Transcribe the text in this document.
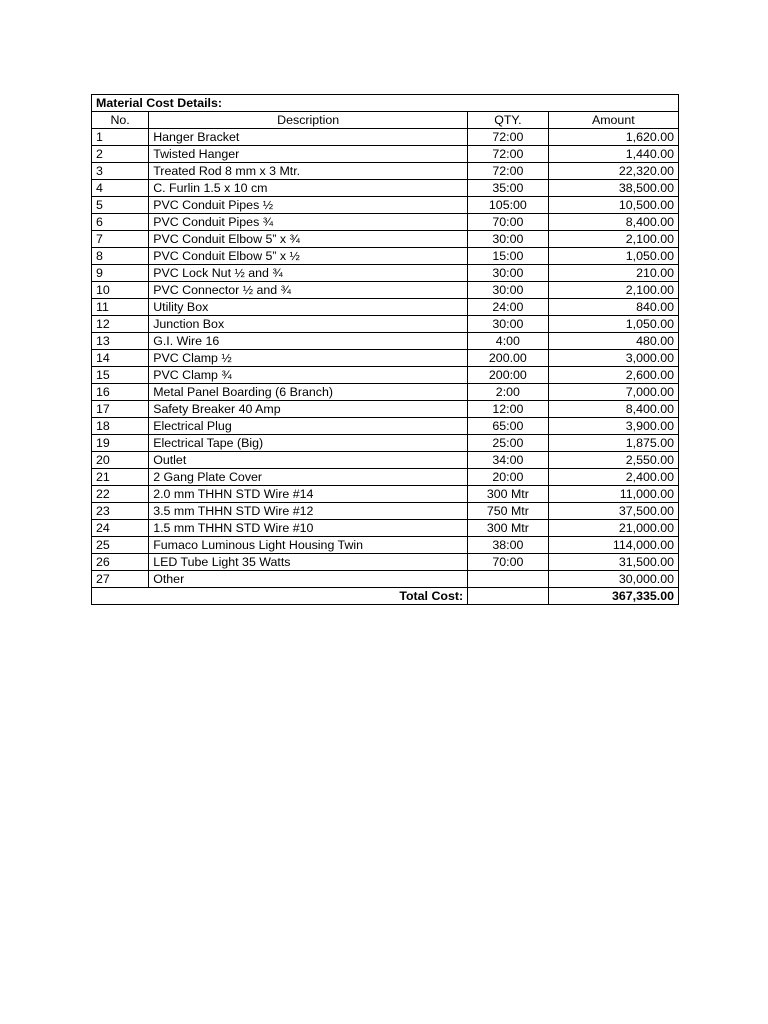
Material Cost Details:			
No.	Description	QTY.	Amount
1	Hanger Bracket	72:00	1,620.00
2	Twisted Hanger	72:00	1,440.00
3	Treated Rod 8 mm x 3 Mtr.	72:00	22,320.00
4	C. Furlin 1.5 x 10 cm	35:00	38,500.00
5	PVC Conduit Pipes ½	105:00	10,500.00
6	PVC Conduit Pipes ¾	70:00	8,400.00
7	PVC Conduit Elbow 5” x ¾	30:00	2,100.00
8	PVC Conduit Elbow 5” x ½	15:00	1,050.00
9	PVC Lock Nut ½ and ¾	30:00	210.00
10	PVC Connector ½ and ¾	30:00	2,100.00
11	Utility Box	24:00	840.00
12	Junction Box	30:00	1,050.00
13	G.I. Wire 16	4:00	480.00
14	PVC Clamp ½	200.00	3,000.00
15	PVC Clamp ¾	200:00	2,600.00
16	Metal Panel Boarding (6 Branch)	2:00	7,000.00
17	Safety Breaker 40 Amp	12:00	8,400.00
18	Electrical Plug	65:00	3,900.00
19	Electrical Tape (Big)	25:00	1,875.00
20	Outlet	34:00	2,550.00
21	2 Gang Plate Cover	20:00	2,400.00
22	2.0 mm THHN STD Wire #14	300 Mtr	11,000.00
23	3.5 mm THHN STD Wire #12	750 Mtr	37,500.00
24	1.5 mm THHN STD Wire #10	300 Mtr	21,000.00
25	Fumaco Luminous Light Housing Twin	38:00	114,000.00
26	LED Tube Light 35 Watts	70:00	31,500.00
27	Other		30,000.00
Total Cost:			367,335.00
